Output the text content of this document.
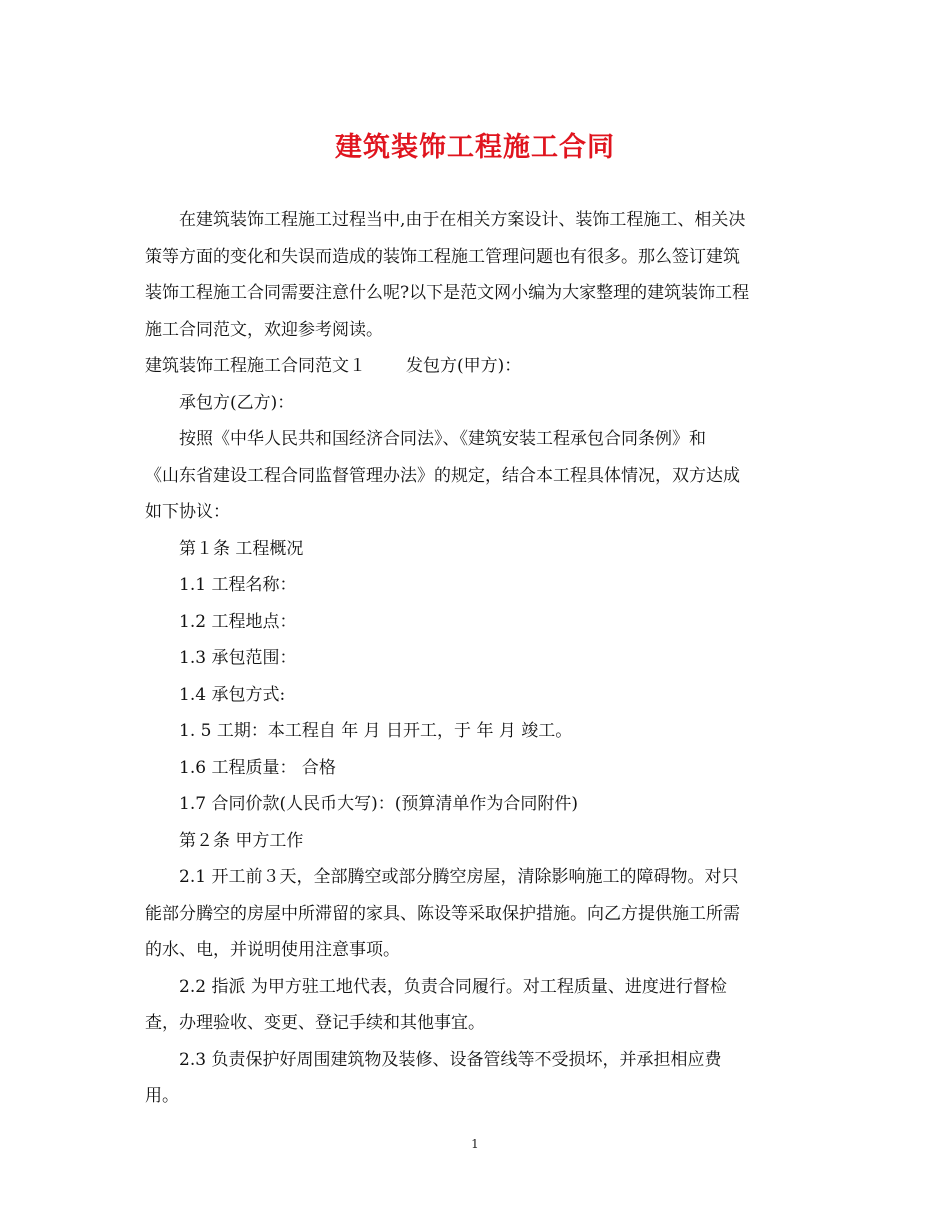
建筑装饰工程施工合同

在建筑装饰工程施工过程当中,由于在相关方案设计、装饰工程施工、相关决

策等方面的变化和失误而造成的装饰工程施工管理问题也有很多。那么签订建筑

装饰工程施工合同需要注意什么呢?以下是范文网小编为大家整理的建筑装饰工程

施工合同范文，欢迎参考阅读。

建筑装饰工程施工合同范文１ 发包方(甲方)：

承包方(乙方)：

按照《中华人民共和国经济合同法》、《建筑安装工程承包合同条例》和

《山东省建设工程合同监督管理办法》的规定，结合本工程具体情况，双方达成

如下协议：

第１条 工程概况

1.1 工程名称：

1.2 工程地点：

1.3 承包范围：

1.4 承包方式:

1. 5 工期：本工程自 年 月 日开工，于 年 月 竣工。

1.6 工程质量： 合格

1.7 合同价款(人民币大写)：(预算清单作为合同附件)

第２条 甲方工作

2.1 开工前３天，全部腾空或部分腾空房屋，清除影响施工的障碍物。对只

能部分腾空的房屋中所滞留的家具、陈设等采取保护措施。向乙方提供施工所需

的水、电，并说明使用注意事项。

2.2 指派 为甲方驻工地代表，负责合同履行。对工程质量、进度进行督检

查，办理验收、变更、登记手续和其他事宜。

2.3 负责保护好周围建筑物及装修、设备管线等不受损坏，并承担相应费

用。

1
